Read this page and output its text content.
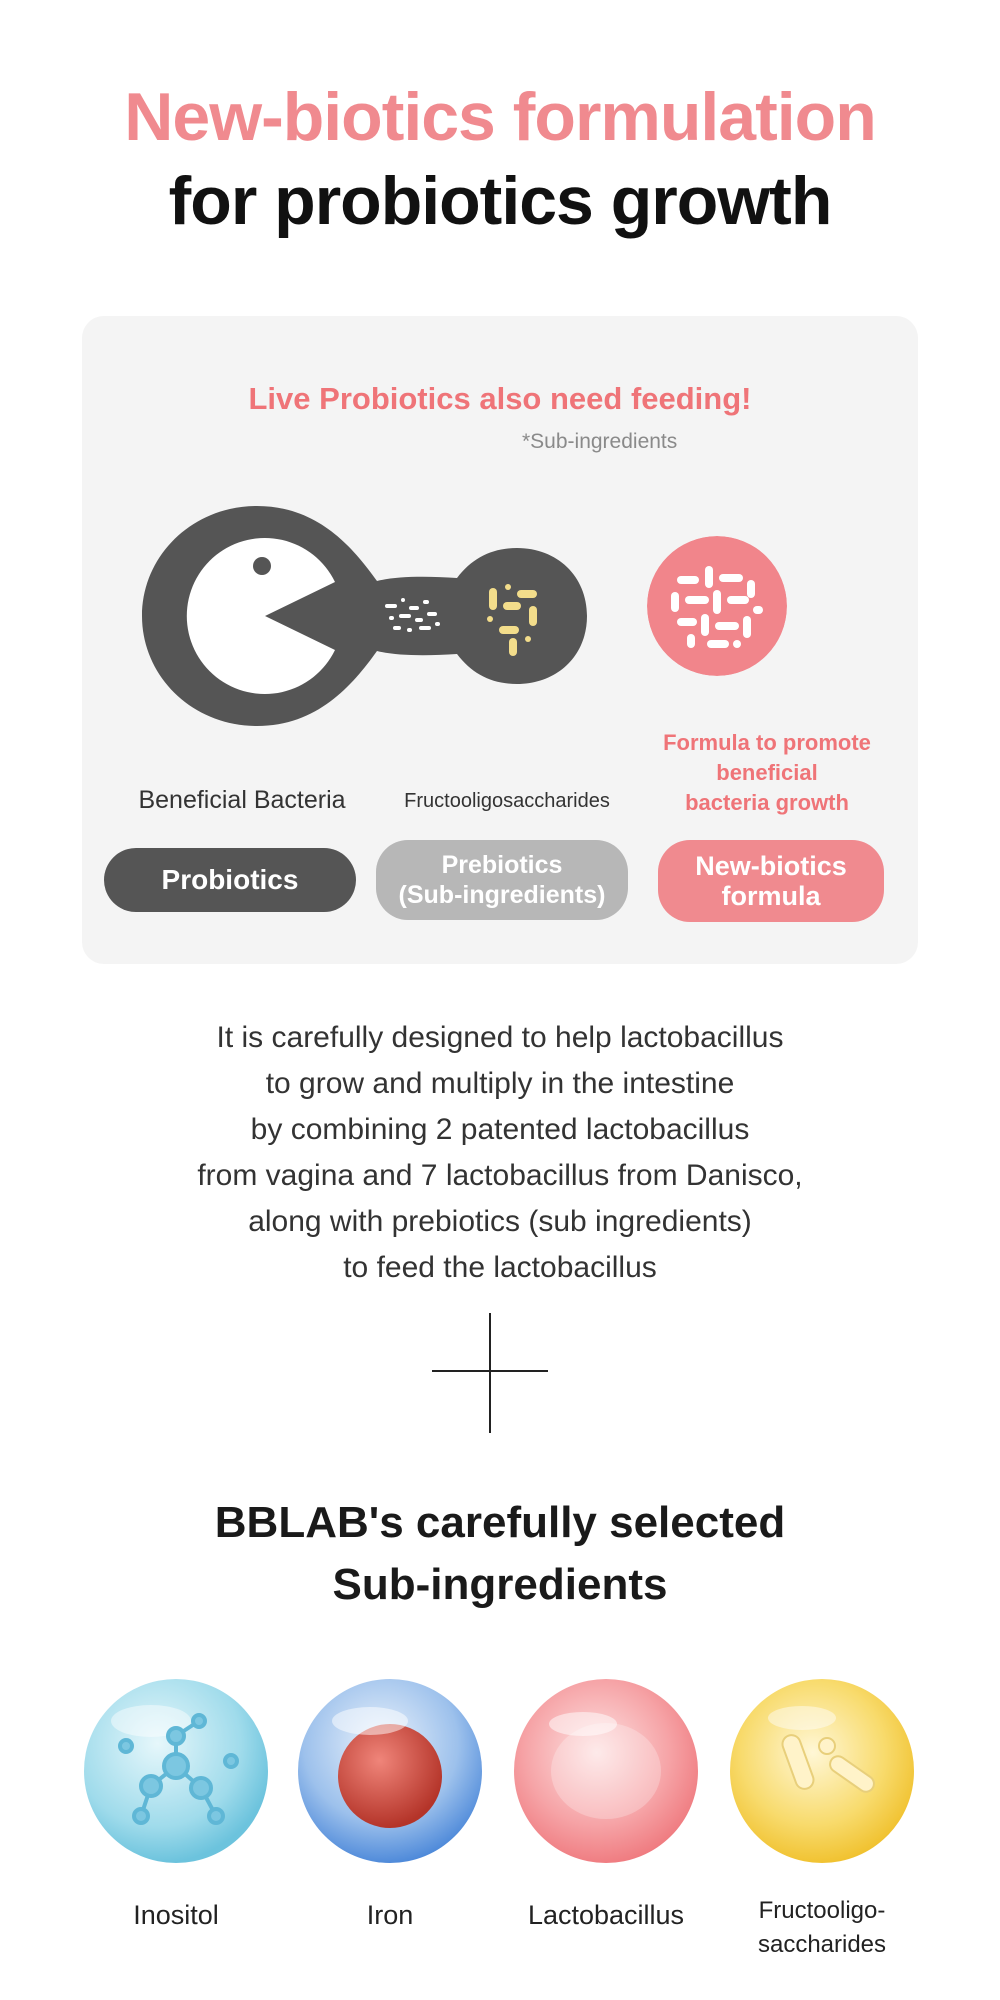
New-biotics formulation
for probiotics growth
Live Probiotics also need feeding!
*Sub-ingredients
Beneficial Bacteria	Fructooligosaccharides
Formula to promote
beneficial
bacteria growth
Probiotics	Prebiotics
(Sub-ingredients)
New-biotics
formula
It is carefully designed to help lactobacillus
to grow and multiply in the intestine
by combining 2 patented lactobacillus
from vagina and 7 lactobacillus from Danisco,
along with prebiotics (sub ingredients)
to feed the lactobacillus
BBLAB's carefully selected
Sub-ingredients
Inositol	Iron	Lactobacillus	Fructooligo-
saccharides
